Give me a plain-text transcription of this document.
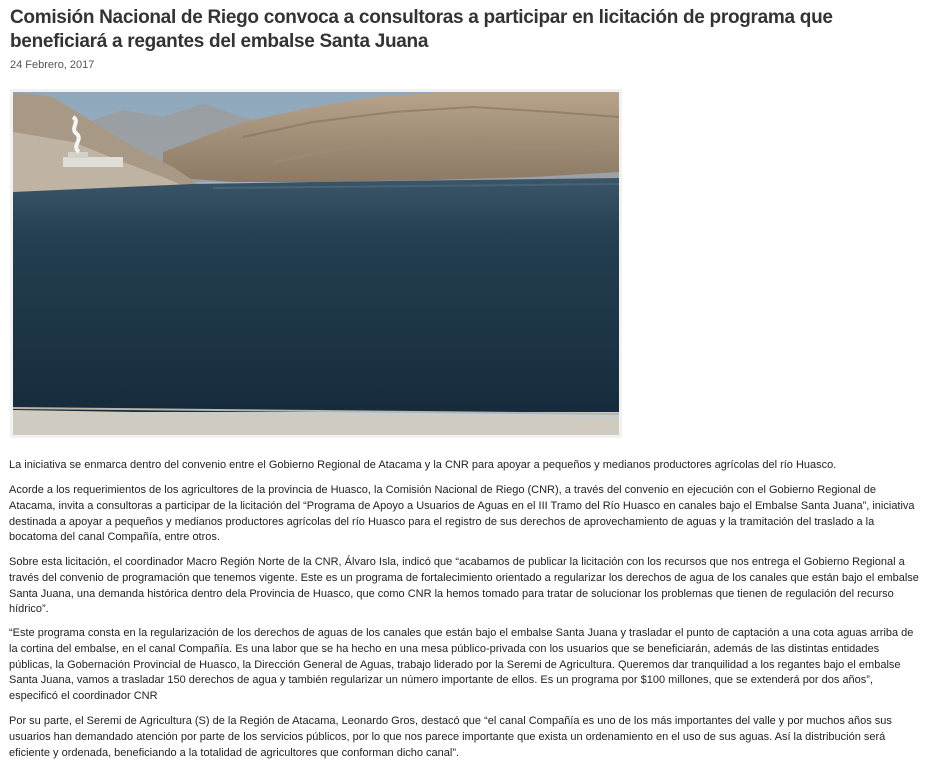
Comisión Nacional de Riego convoca a consultoras a participar en licitación de programa que beneficiará a regantes del embalse Santa Juana
24 Febrero, 2017

La iniciativa se enmarca dentro del convenio entre el Gobierno Regional de Atacama y la CNR para apoyar a pequeños y medianos productores agrícolas del río Huasco.

Acorde a los requerimientos de los agricultores de la provincia de Huasco, la Comisión Nacional de Riego (CNR), a través del convenio en ejecución con el Gobierno Regional de Atacama, invita a consultoras a participar de la licitación del “Programa de Apoyo a Usuarios de Aguas en el III Tramo del Río Huasco en canales bajo el Embalse Santa Juana”, iniciativa destinada a apoyar a pequeños y medianos productores agrícolas del río Huasco para el registro de sus derechos de aprovechamiento de aguas y la tramitación del traslado a la bocatoma del canal Compañía, entre otros.

Sobre esta licitación, el coordinador Macro Región Norte de la CNR, Álvaro Isla, indicó que “acabamos de publicar la licitación con los recursos que nos entrega el Gobierno Regional a través del convenio de programación que tenemos vigente. Este es un programa de fortalecimiento orientado a regularizar los derechos de agua de los canales que están bajo el embalse Santa Juana, una demanda histórica dentro dela Provincia de Huasco, que como CNR la hemos tomado para tratar de solucionar los problemas que tienen de regulación del recurso hídrico”.

“Este programa consta en la regularización de los derechos de aguas de los canales que están bajo el embalse Santa Juana y trasladar el punto de captación a una cota aguas arriba de la cortina del embalse, en el canal Compañía. Es una labor que se ha hecho en una mesa público-privada con los usuarios que se beneficiarán, además de las distintas entidades públicas, la Gobernación Provincial de Huasco, la Dirección General de Aguas, trabajo liderado por la Seremi de Agricultura. Queremos dar tranquilidad a los regantes bajo el embalse Santa Juana, vamos a trasladar 150 derechos de agua y también regularizar un número importante de ellos. Es un programa por $100 millones, que se extenderá por dos años”, especificó el coordinador CNR

Por su parte, el Seremi de Agricultura (S) de la Región de Atacama, Leonardo Gros, destacó que “el canal Compañía es uno de los más importantes del valle y por muchos años sus usuarios han demandado atención por parte de los servicios públicos, por lo que nos parece importante que exista un ordenamiento en el uso de sus aguas. Así la distribución será eficiente y ordenada, beneficiando a la totalidad de agricultores que conforman dicho canal”.
